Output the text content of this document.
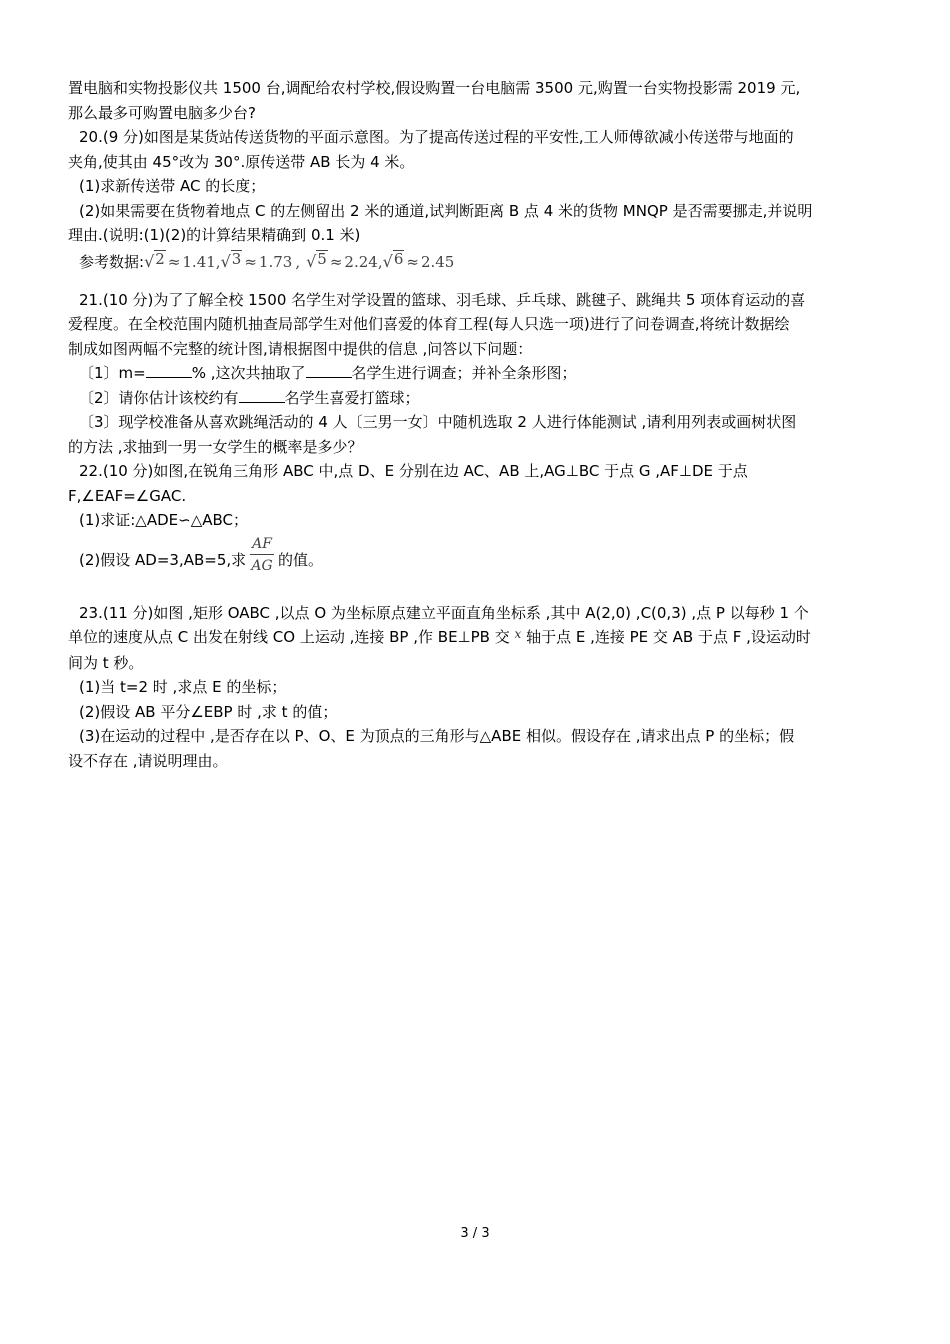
置电脑和实物投影仪共 1500 台,调配给农村学校,假设购置一台电脑需 3500 元,购置一台实物投影需 2019 元,

那么最多可购置电脑多少台?

20.(9 分)如图是某货站传送货物的平面示意图。为了提高传送过程的平安性,工人师傅欲减小传送带与地面的

夹角,使其由 45°改为 30°.原传送带 AB 长为 4 米。

(1)求新传送带 AC 的长度；

(2)如果需要在货物着地点 C 的左侧留出 2 米的通道,试判断距离 B 点 4 米的货物 MNQP 是否需要挪走,并说明

理由.(说明:(1)(2)的计算结果精确到 0.1 米)

参考数据: √ 2 ≈ 1.41 , √ 3 ≈ 1.73 , √ 5 ≈ 2.24 , √ 6 ≈ 2.45

21.(10 分)为了了解全校 1500 名学生对学设置的篮球、羽毛球、乒乓球、跳毽子、跳绳共 5 项体育运动的喜

爱程度。在全校范围内随机抽查局部学生对他们喜爱的体育工程(每人只选一项)进行了问卷调查,将统计数据绘

制成如图两幅不完整的统计图,请根据图中提供的信息 ,问答以下问题：

〔1〕m=	% ,这次共抽取了	名学生进行调查；并补全条形图；

〔2〕请你估计该校约有	名学生喜爱打篮球；

〔3〕现学校准备从喜欢跳绳活动的 4 人〔三男一女〕中随机选取 2 人进行体能测试 ,请利用列表或画树状图

的方法 ,求抽到一男一女学生的概率是多少？

22.(10 分)如图,在锐角三角形 ABC 中,点 D、E 分别在边 AC、AB 上,AG⊥BC 于点 G ,AF⊥DE 于点

F,∠EAF=∠GAC.

(1)求证:△ADE∽△ABC；

(2)假设 AD=3,AB=5,求 $\frac{AF}{AG}$ 的值。

23.(11 分)如图 ,矩形 OABC ,以点 O 为坐标原点建立平面直角坐标系 ,其中 A(2,0) ,C(0,3) ,点 P 以每秒 1 个

单位的速度从点 C 出发在射线 CO 上运动 ,连接 BP ,作 BE⊥PB 交 $^x$ 轴于点 E ,连接 PE 交 AB 于点 F ,设运动时

间为 t 秒。

(1)当 t=2 时 ,求点 E 的坐标；

(2)假设 AB 平分∠EBP 时 ,求 t 的值；

(3)在运动的过程中 ,是否存在以 P、O、E 为顶点的三角形与△ABE 相似。假设存在 ,请求出点 P 的坐标；假

设不存在 ,请说明理由。

3 / 3
